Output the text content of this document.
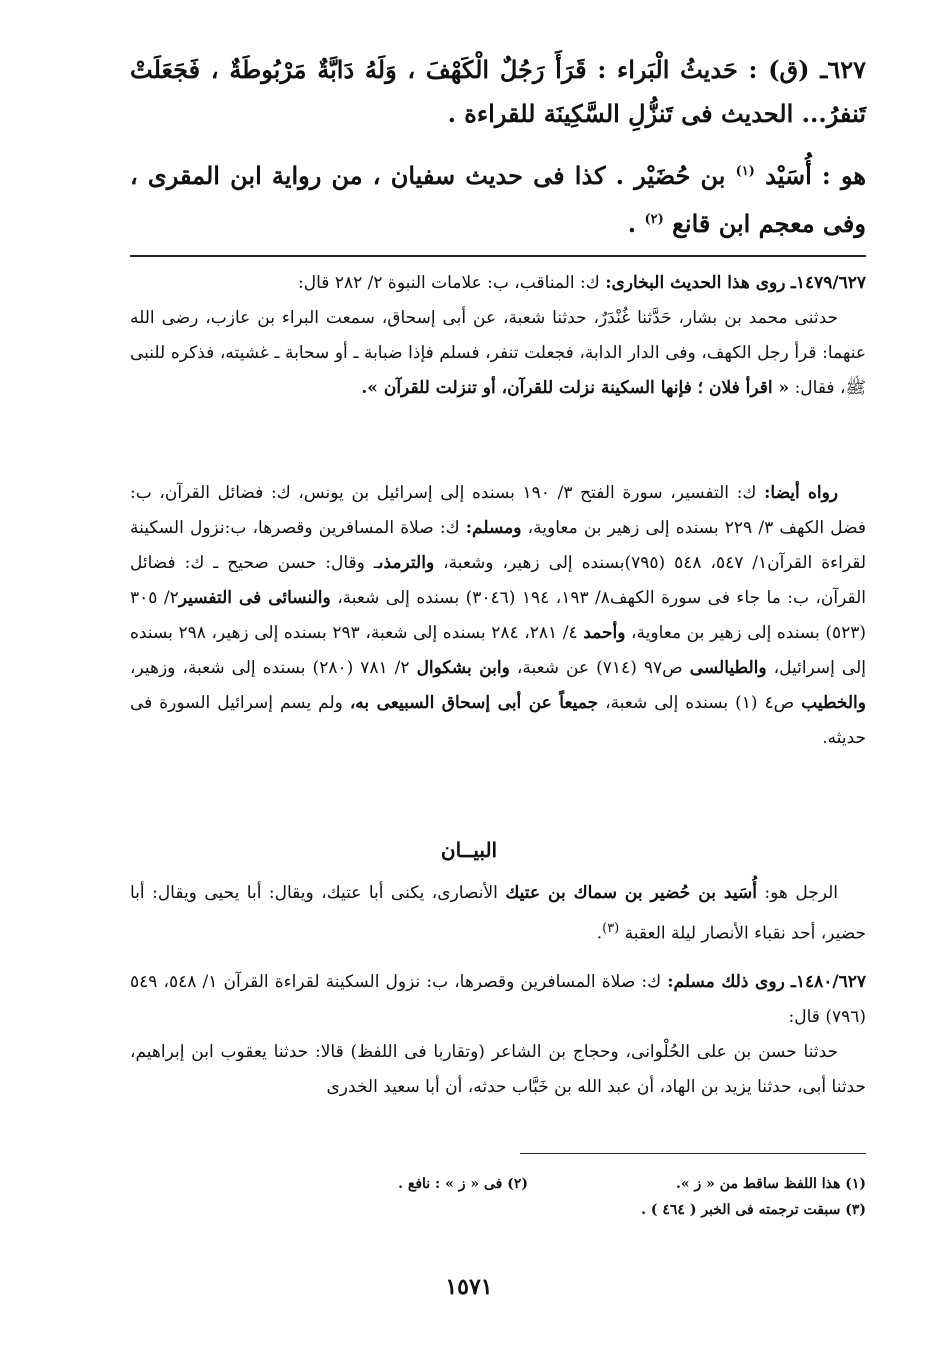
٦٢٧ـ (ق) : حَديثُ الْبَراء : قَرَأَ رَجُلٌ الْكَهْفَ ، وَلَهُ دَابَّةٌ مَرْبُوطَةٌ ، فَجَعَلَتْ تَنفرُ... الحديث فى تَنزُّلِ السَّكِينَة للقراءة .
هو : أُسَيْد $^{(١)}$ بن حُضَيْر . كذا فى حديث سفيان ، من رواية ابن المقرى ، وفى معجم ابن قانع $^{(٢)}$ .
١٤٧٩/٦٢٧ـ روى هذا الحديث البخارى: ك: المناقب، ب: علامات النبوة ٢/ ٢٨٢ قال:
حدثنى محمد بن بشار، حَدَّثنا غُنْدَرٌ، حدثنا شعبة، عن أبى إسحاق، سمعت البراء بن عازب، رضى الله عنهما: قرأ رجل الكهف، وفى الدار الدابة، فجعلت تنفر، فسلم فإذا ضبابة ـ أو سحابة ـ غشيته، فذكره للنبى ﷺ، فقال: « اقرأ فلان ؛ فإنها السكينة نزلت للقرآن، أو تنزلت للقرآن ».
رواه أيضا: ك: التفسير، سورة الفتح ٣/ ١٩٠ بسنده إلى إسرائيل بن يونس، ك: فضائل القرآن، ب: فضل الكهف ٣/ ٢٢٩ بسنده إلى زهير بن معاوية، ومسلم: ك: صلاة المسافرين وقصرها، ب:نزول السكينة لقراءة القرآن١/ ٥٤٧، ٥٤٨ (٧٩٥)بسنده إلى زهير، وشعبة، والترمذىـ وقال: حسن صحيح ـ ك: فضائل القرآن، ب: ما جاء فى سورة الكهف٨/ ١٩٣، ١٩٤ (٣٠٤٦) بسنده إلى شعبة، والنسائى فى التفسير٢/ ٣٠٥ (٥٢٣) بسنده إلى زهير بن معاوية، وأحمد ٤/ ٢٨١، ٢٨٤ بسنده إلى شعبة، ٢٩٣ بسنده إلى زهير، ٢٩٨ بسنده إلى إسرائيل، والطيالسى ص٩٧ (٧١٤) عن شعبة، وابن بشكوال ٢/ ٧٨١ (٢٨٠) بسنده إلى شعبة، وزهير، والخطيب ص٤ (١) بسنده إلى شعبة، جميعاً عن أبى إسحاق السبيعى به، ولم يسم إسرائيل السورة فى حديثه.
البيــان
الرجل هو: أُسَيد بن حُضير بن سماك بن عتيك الأنصارى، يكنى أبا عتيك، ويقال: أبا يحيى ويقال: أبا حضير، أحد نقباء الأنصار ليلة العقبة $^{(٣)}$.
١٤٨٠/٦٢٧ـ روى ذلك مسلم: ك: صلاة المسافرين وقصرها، ب: نزول السكينة لقراءة القرآن ١/ ٥٤٨، ٥٤٩ (٧٩٦) قال:
حدثنا حسن بن على الحُلْوانى، وحجاج بن الشاعر (وتقاربا فى اللفظ) قالا: حدثنا يعقوب ابن إبراهيم، حدثنا أبى، حدثنا يزيد بن الهاد، أن عبد الله بن خَبَّاب حدثه، أن أبا سعيد الخدرى
(١) هذا اللفظ ساقط من « ز ».
(٢) فى « ز » : نافع .
(٣) سبقت ترجمته فى الخبر ( ٤٦٤ ) .
١٥٧١
